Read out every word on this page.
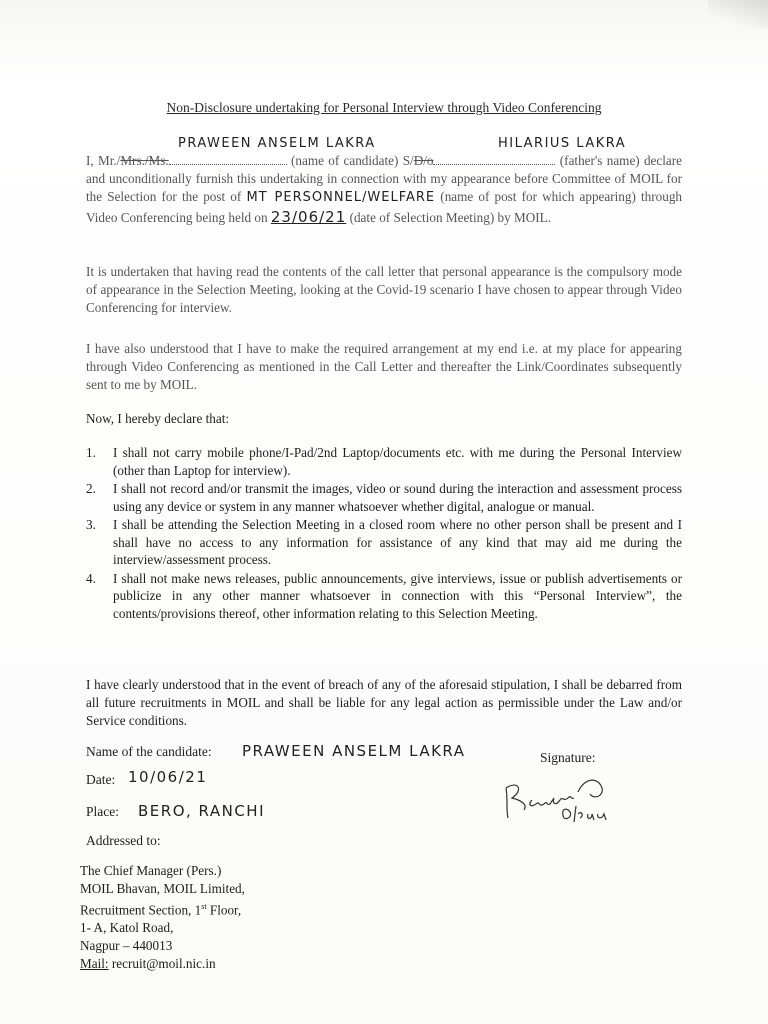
Non-Disclosure undertaking for Personal Interview through Video Conferencing
PRAWEEN ANSELM LAKRA	HILARIUS LAKRA
I, Mr./Mrs./Ms.	(name of candidate) S/D/o	(father's name) declare and unconditionally furnish this undertaking in connection with my appearance before Committee of MOIL for the Selection for the post of MT PERSONNEL/WELFARE (name of post for which appearing) through Video Conferencing being held on 23/06/21 (date of Selection Meeting) by MOIL.
It is undertaken that having read the contents of the call letter that personal appearance is the compulsory mode of appearance in the Selection Meeting, looking at the Covid-19 scenario I have chosen to appear through Video Conferencing for interview.
I have also understood that I have to make the required arrangement at my end i.e. at my place for appearing through Video Conferencing as mentioned in the Call Letter and thereafter the Link/Coordinates subsequently sent to me by MOIL.
Now, I hereby declare that:
1. I shall not carry mobile phone/I-Pad/2nd Laptop/documents etc. with me during the Personal Interview (other than Laptop for interview).
2. I shall not record and/or transmit the images, video or sound during the interaction and assessment process using any device or system in any manner whatsoever whether digital, analogue or manual.
3. I shall be attending the Selection Meeting in a closed room where no other person shall be present and I shall have no access to any information for assistance of any kind that may aid me during the interview/assessment process.
4. I shall not make news releases, public announcements, give interviews, issue or publish advertisements or publicize in any other manner whatsoever in connection with this “Personal Interview”, the contents/provisions thereof, other information relating to this Selection Meeting.
I have clearly understood that in the event of breach of any of the aforesaid stipulation, I shall be debarred from all future recruitments in MOIL and shall be liable for any legal action as permissible under the Law and/or Service conditions.
Name of the candidate: PRAWEEN ANSELM LAKRA	Signature:
Date: 10/06/21
Place: BERO, RANCHI
Addressed to:
The Chief Manager (Pers.)
MOIL Bhavan, MOIL Limited,
Recruitment Section, 1st Floor,
1- A, Katol Road,
Nagpur – 440013
Mail: recruit@moil.nic.in
